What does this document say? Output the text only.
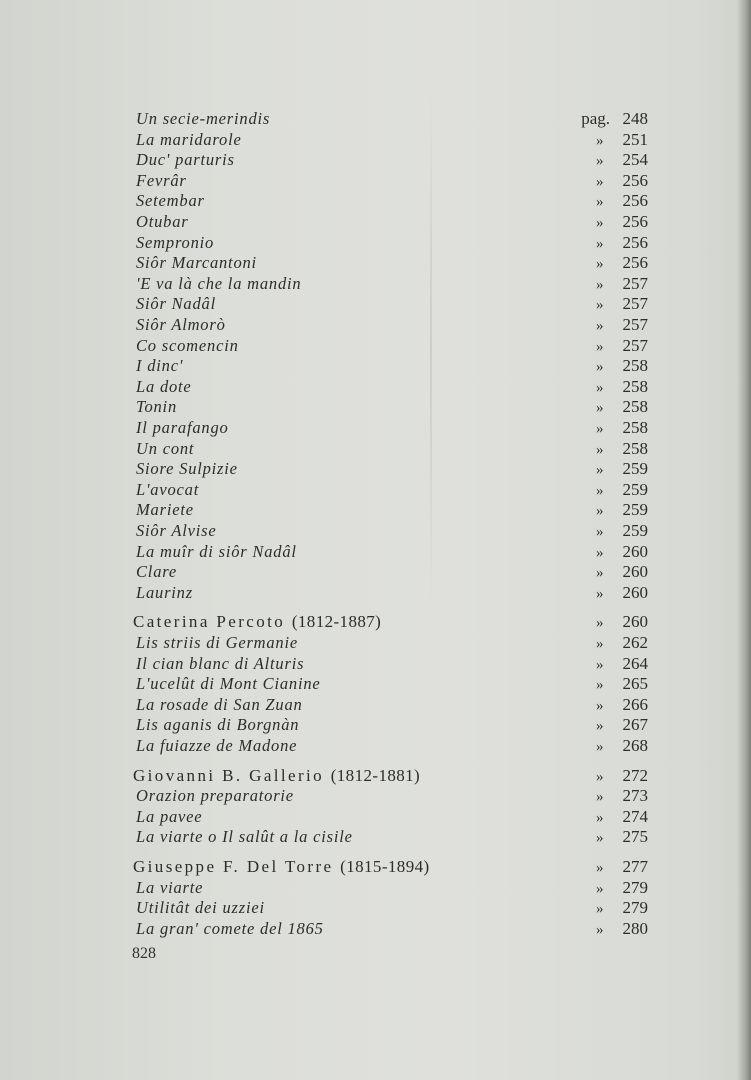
Un secie-merindis	pag. 248
La maridarole	» 251
Duc' parturis	» 254
Fevrâr	» 256
Setembar	» 256
Otubar	» 256
Sempronio	» 256
Siôr Marcantoni	» 256
'E va là che la mandin	» 257
Siôr Nadâl	» 257
Siôr Almorò	» 257
Co scomencin	» 257
I dinc'	» 258
La dote	» 258
Tonin	» 258
Il parafango	» 258
Un cont	» 258
Siore Sulpizie	» 259
L'avocat	» 259
Mariete	» 259
Siôr Alvise	» 259
La muîr di siôr Nadâl	» 260
Clare	» 260
Laurinz	» 260
Caterina Percoto (1812-1887)	» 260
Lis striis di Germanie	» 262
Il cian blanc di Alturis	» 264
L'ucelût di Mont Cianine	» 265
La rosade di San Zuan	» 266
Lis aganis di Borgnàn	» 267
La fuiazze de Madone	» 268
Giovanni B. Gallerio (1812-1881)	» 272
Orazion preparatorie	» 273
La pavee	» 274
La viarte o Il salût a la cisile	» 275
Giuseppe F. Del Torre (1815-1894)	» 277
La viarte	» 279
Utilitât dei uzziei	» 279
La gran' comete del 1865	» 280
828
